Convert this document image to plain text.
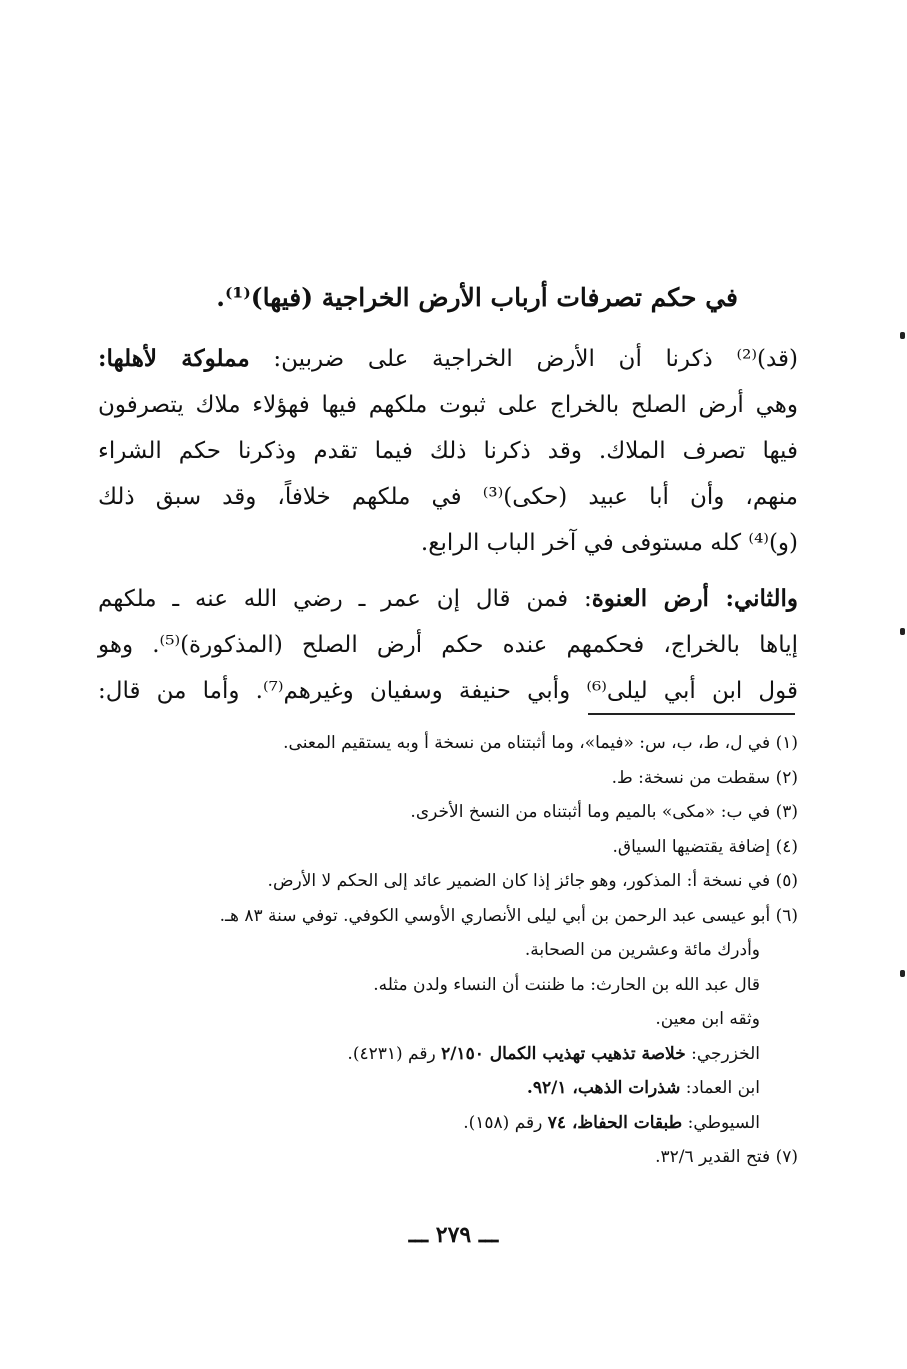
في حكم تصرفات أرباب الأرض الخراجية (فيها)⁽¹⁾.
(قد)⁽²⁾ ذكرنا أن الأرض الخراجية على ضربين: مملوكة لأهلها:
وهي أرض الصلح بالخراج على ثبوت ملكهم فيها فهؤلاء ملاك يتصرفون
فيها تصرف الملاك. وقد ذكرنا ذلك فيما تقدم وذكرنا حكم الشراء
منهم، وأن أبا عبيد (حكى)⁽³⁾ في ملكهم خلافاً، وقد سبق ذلك
(و)⁽⁴⁾ كله مستوفى في آخر الباب الرابع.
والثاني: أرض العنوة: فمن قال إن عمر ـ رضي الله عنه ـ ملكهم
إياها بالخراج، فحكمهم عنده حكم أرض الصلح (المذكورة)⁽⁵⁾. وهو
قول ابن أبي ليلى⁽⁶⁾ وأبي حنيفة وسفيان وغيرهم⁽⁷⁾. وأما من قال:
(١) في ل، ط، ب، س: «فيما»، وما أثبتناه من نسخة أ وبه يستقيم المعنى.
(٢) سقطت من نسخة: ط.
(٣) في ب: «مكى» بالميم وما أثبتناه من النسخ الأخرى.
(٤) إضافة يقتضيها السياق.
(٥) في نسخة أ: المذكور، وهو جائز إذا كان الضمير عائد إلى الحكم لا الأرض.
(٦) أبو عيسى عبد الرحمن بن أبي ليلى الأنصاري الأوسي الكوفي. توفي سنة ٨٣ هـ.
وأدرك مائة وعشرين من الصحابة.
قال عبد الله بن الحارث: ما ظننت أن النساء ولدن مثله.
وثقه ابن معين.
الخزرجي: خلاصة تذهيب تهذيب الكمال ٢/١٥٠ رقم (٤٢٣١).
ابن العماد: شذرات الذهب، ٩٢/١.
السيوطي: طبقات الحفاظ، ٧٤ رقم (١٥٨).
(٧) فتح القدير ٣٢/٦.
ـــ ٢٧٩ ـــ
